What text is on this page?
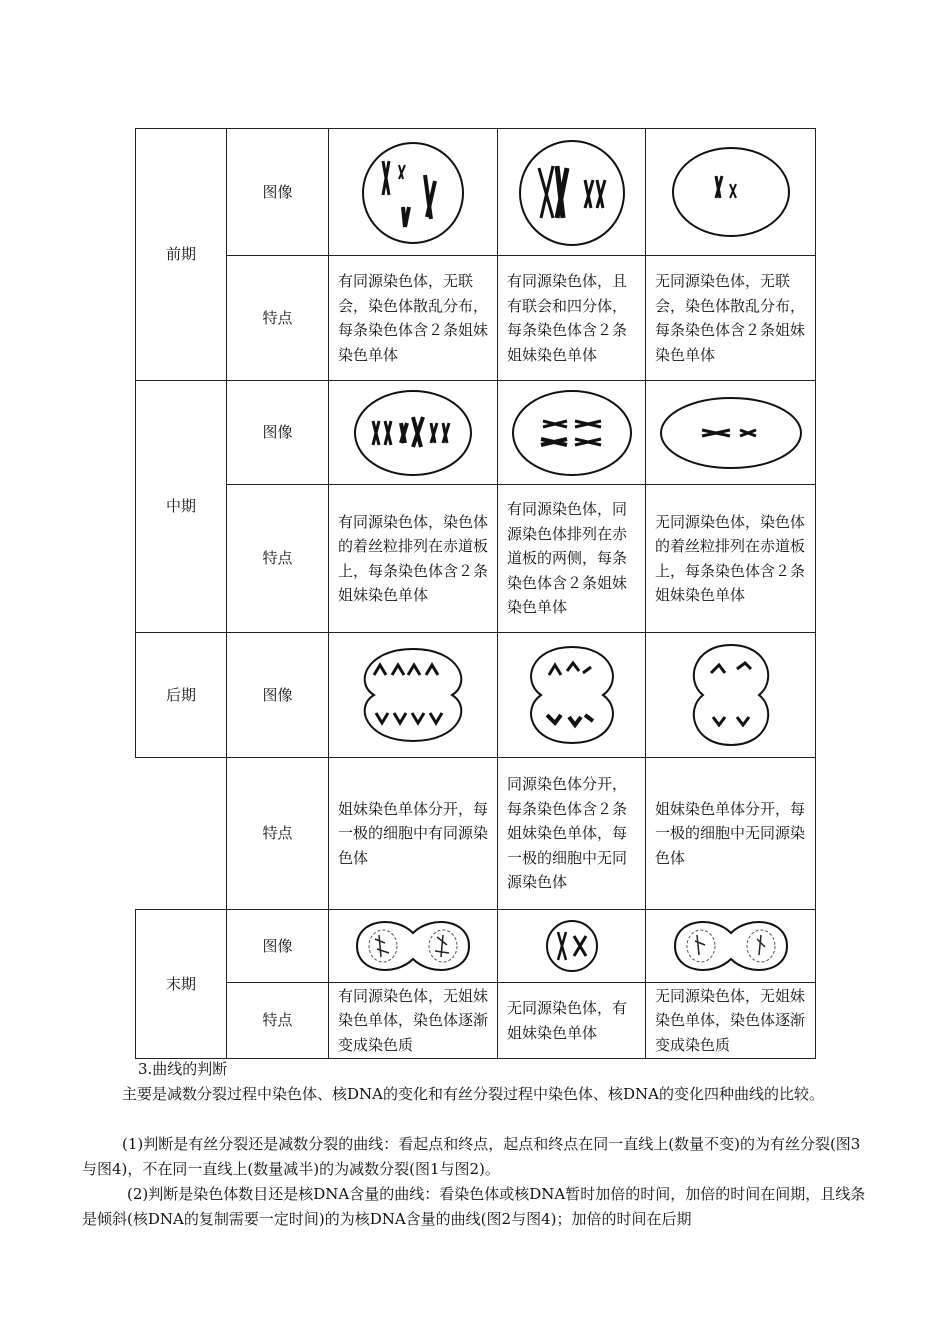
前期	图像	

	特点	有同源染色体，无联会，染色体散乱分布，每条染色体含２条姐妹染色单体	有同源染色体，且有联会和四分体，每条染色体含２条姐妹染色单体	无同源染色体，无联会，染色体散乱分布，每条染色体含２条姐妹染色单体
中期	图像	

	特点	有同源染色体，染色体的着丝粒排列在赤道板上，每条染色体含２条姐妹染色单体	有同源染色体，同源染色体排列在赤道板的两侧，每条染色体含２条姐妹染色单体	无同源染色体，染色体的着丝粒排列在赤道板上，每条染色体含２条姐妹染色单体
后期	图像	

	特点	姐妹染色单体分开，每一极的细胞中有同源染色体	同源染色体分开，每条染色体含２条姐妹染色单体，每一极的细胞中无同源染色体	姐妹染色单体分开，每一极的细胞中无同源染色体
末期	图像	

	特点	有同源染色体，无姐妹染色单体，染色体逐渐变成染色质	无同源染色体，有姐妹染色单体	无同源染色体，无姐妹染色单体，染色体逐渐变成染色质

3.曲线的判断

主要是减数分裂过程中染色体、核DNA的变化和有丝分裂过程中染色体、核DNA的变化四种曲线的比较。

(1)判断是有丝分裂还是减数分裂的曲线：看起点和终点，起点和终点在同一直线上(数量不变)的为有丝分裂(图3与图4)，不在同一直线上(数量减半)的为减数分裂(图1与图2)。

(2)判断是染色体数目还是核DNA含量的曲线：看染色体或核DNA暂时加倍的时间，加倍的时间在间期，且线条是倾斜(核DNA的复制需要一定时间)的为核DNA含量的曲线(图2与图4)；加倍的时间在后期
